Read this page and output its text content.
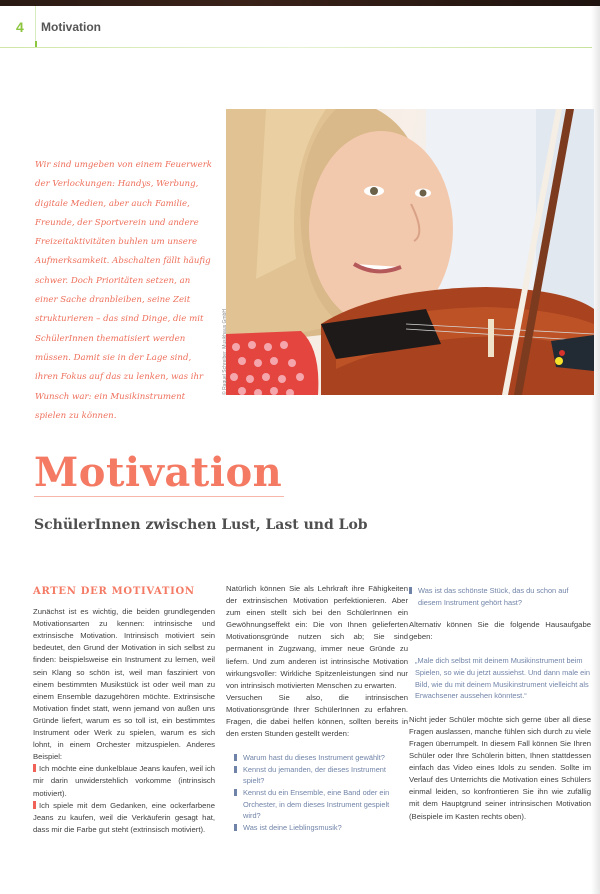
4 Motivation

Wir sind umgeben von einem Feuerwerk der Verlockungen: Handys, Werbung, digitale Medien, aber auch Familie, Freunde, der Sportverein und andere Freizeitaktivitäten buhlen um unsere Aufmerksamkeit. Abschalten fällt häufig schwer. Doch Prioritäten setzen, an einer Sache dranbleiben, seine Zeit strukturieren – das sind Dinge, die mit SchülerInnen thematisiert werden müssen. Damit sie in der Lage sind, ihren Fokus auf das zu lenken, was ihr Wunsch war: ein Musikinstrument spielen zu können.

© Raquel Schreiber, Musikhaus GmbH
Motivation
SchülerInnen zwischen Lust, Last und Lob
ARTEN DER MOTIVATION

Zunächst ist es wichtig, die beiden grundlegenden Motivationsarten zu kennen: intrinsische und extrinsische Motivation. Intrinsisch motiviert sein bedeutet, den Grund der Motivation in sich selbst zu finden: beispielsweise ein Instrument zu lernen, weil sein Klang so schön ist, weil man fasziniert von einem bestimmten Musikstück ist oder weil man zu einem Ensemble dazugehören möchte. Extrinsische Motivation findet statt, wenn jemand von außen uns Gründe liefert, warum es so toll ist, ein bestimmtes Instrument oder Werk zu spielen, warum es sich lohnt, in einem Orchester mitzuspielen. Anderes Beispiel:

Ich möchte eine dunkelblaue Jeans kaufen, weil ich mir darin unwiderstehlich vorkomme (intrinsisch motiviert).

Ich spiele mit dem Gedanken, eine ockerfarbene Jeans zu kaufen, weil die Verkäuferin gesagt hat, dass mir die Farbe gut steht (extrinsisch motiviert).

Natürlich können Sie als Lehrkraft ihre Fähigkeiten der extrinsischen Motivation perfektionieren. Aber zum einen stellt sich bei den SchülerInnen ein Gewöhnungseffekt ein: Die von Ihnen gelieferten Motivationsgründe nutzen sich ab; Sie sind permanent in Zugzwang, immer neue Gründe zu liefern. Und zum anderen ist intrinsische Motivation wirkungsvoller: Wirkliche Spitzenleistungen sind nur von intrinsisch motivierten Menschen zu erwarten.

Versuchen Sie also, die intrinsischen Motivationsgründe Ihrer SchülerInnen zu erfahren. Fragen, die dabei helfen können, sollten bereits in den ersten Stunden gestellt werden:

Warum hast du dieses Instrument gewählt?
Kennst du jemanden, der dieses Instrument spielt?
Kennst du ein Ensemble, eine Band oder ein Orchester, in dem dieses Instrument gespielt wird?
Was ist deine Lieblingsmusik?
Was ist das schönste Stück, das du schon auf diesem Instrument gehört hast?

Alternativ können Sie die folgende Hausaufgabe geben:

„Male dich selbst mit deinem Musikinstrument beim Spielen, so wie du jetzt aussiehst. Und dann male ein Bild, wie du mit deinem Musikinstrument vielleicht als Erwachsener aussehen könntest.“

Nicht jeder Schüler möchte sich gerne über all diese Fragen auslassen, manche fühlen sich durch zu viele Fragen überrumpelt. In diesem Fall können Sie Ihren Schüler oder Ihre Schülerin bitten, Ihnen stattdessen einfach das Video eines Idols zu senden. Sollte im Verlauf des Unterrichts die Motivation eines Schülers einmal leiden, so konfrontieren Sie ihn wie zufällig mit dem Hauptgrund seiner intrinsischen Motivation (Beispiele im Kasten rechts oben).
